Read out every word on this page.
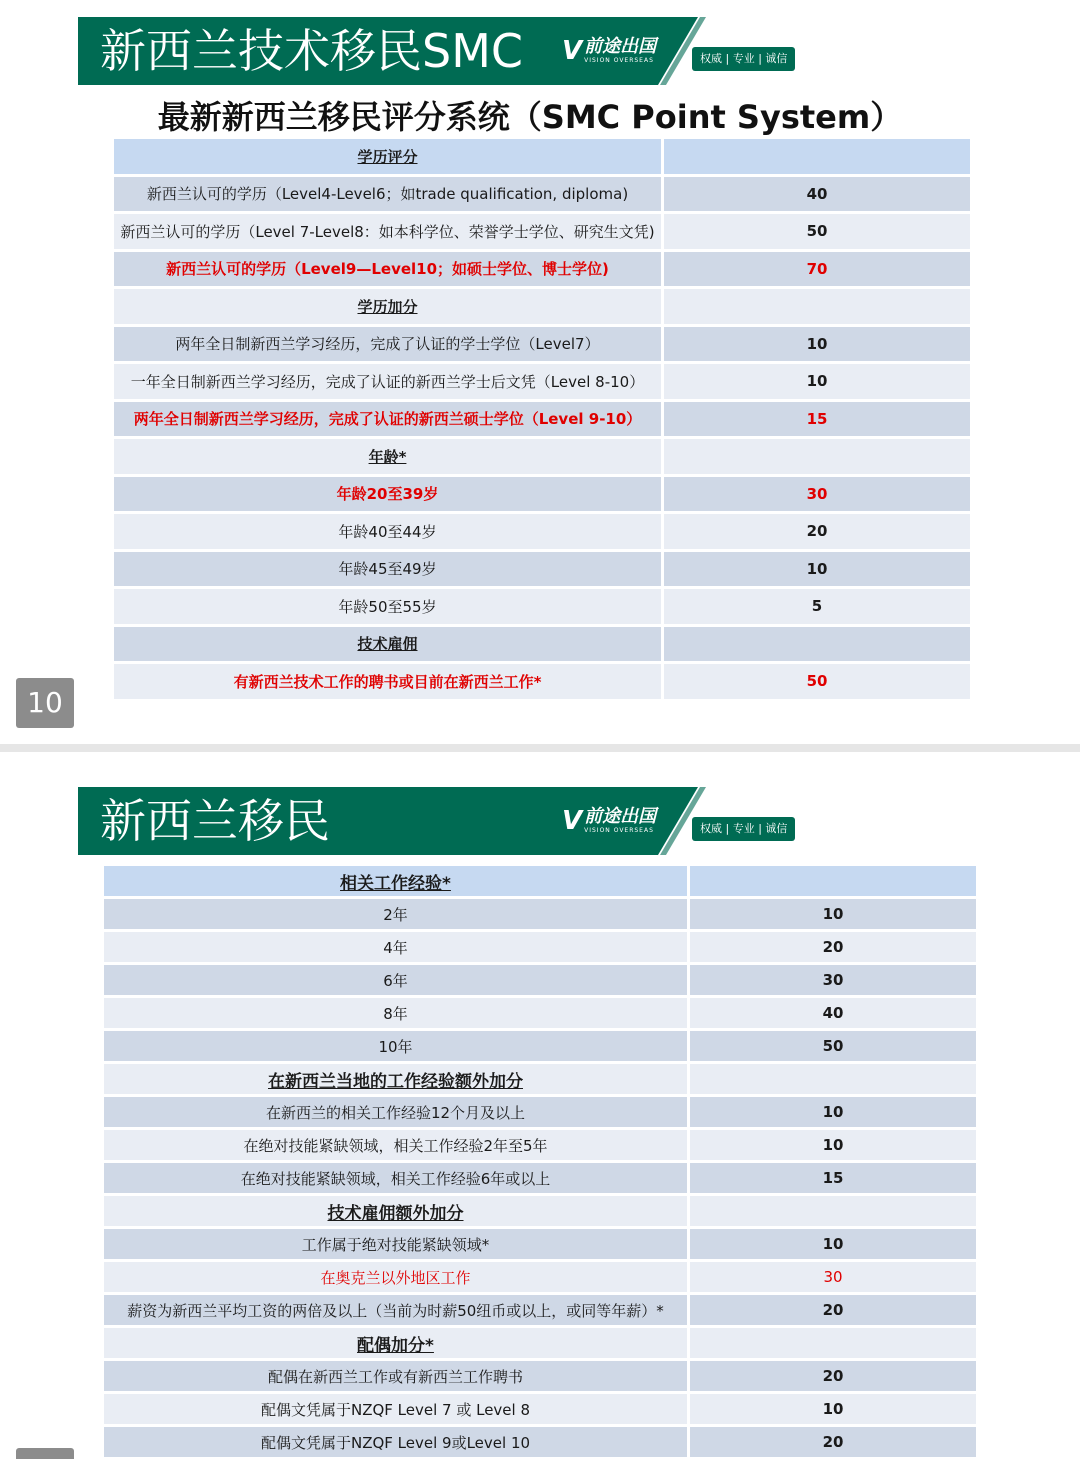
新西兰技术移民SMC V 前途出国
VISION OVERSEAS	权威 | 专业 | 诚信
最新新西兰移民评分系统（SMC Point System）
学历评分	
新西兰认可的学历（Level4-Level6；如trade qualification, diploma)	40
新西兰认可的学历（Level 7-Level8：如本科学位、荣誉学士学位、研究生文凭)	50
新西兰认可的学历（Level9—Level10；如硕士学位、博士学位)	70
学历加分	
两年全日制新西兰学习经历，完成了认证的学士学位（Level7）	10
一年全日制新西兰学习经历，完成了认证的新西兰学士后文凭（Level 8-10）	10
两年全日制新西兰学习经历，完成了认证的新西兰硕士学位（Level 9-10）	15
年龄*	
年龄20至39岁	30
年龄40至44岁	20
年龄45至49岁	10
年龄50至55岁	5
技术雇佣	
有新西兰技术工作的聘书或目前在新西兰工作*	50
10
新西兰移民	V 前途出国
VISION OVERSEAS	权威 | 专业 | 诚信
相关工作经验*	
2年	10
4年	20
6年	30
8年	40
10年	50
在新西兰当地的工作经验额外加分	
在新西兰的相关工作经验12个月及以上	10
在绝对技能紧缺领域，相关工作经验2年至5年	10
在绝对技能紧缺领域，相关工作经验6年或以上	15
技术雇佣额外加分	
工作属于绝对技能紧缺领域*	10
在奥克兰以外地区工作	30
薪资为新西兰平均工资的两倍及以上（当前为时薪50纽币或以上，或同等年薪）*	20
配偶加分*	
配偶在新西兰工作或有新西兰工作聘书	20
配偶文凭属于NZQF Level 7 或 Level 8	10
配偶文凭属于NZQF Level 9或Level 10	20
